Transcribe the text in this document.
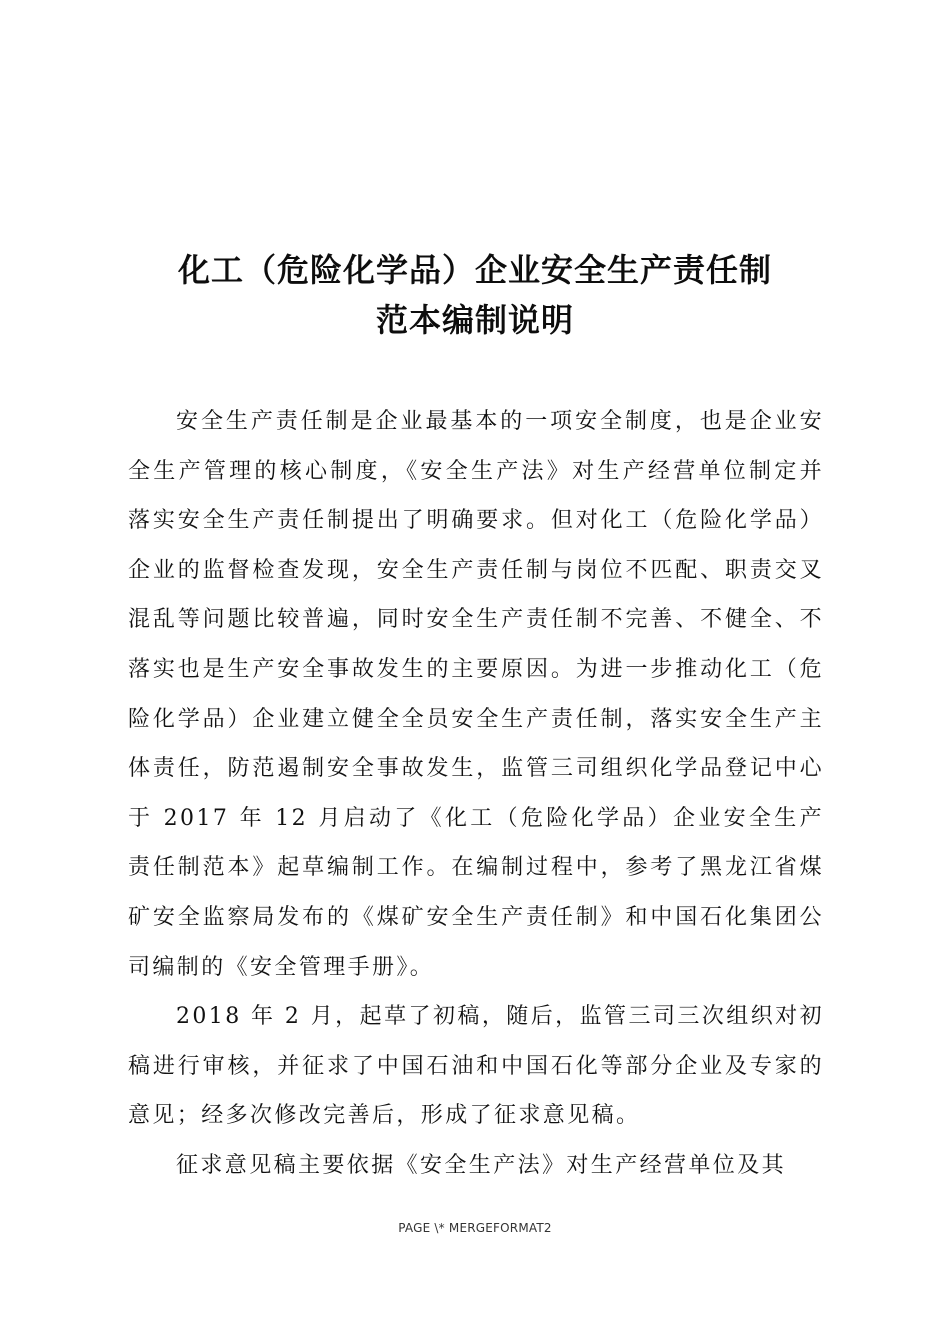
化工（危险化学品）企业安全生产责任制
范本编制说明

安全生产责任制是企业最基本的一项安全制度，也是企业安全生产管理的核心制度，《安全生产法》对生产经营单位制定并落实安全生产责任制提出了明确要求。但对化工（危险化学品）企业的监督检查发现，安全生产责任制与岗位不匹配、职责交叉混乱等问题比较普遍，同时安全生产责任制不完善、不健全、不落实也是生产安全事故发生的主要原因。为进一步推动化工（危险化学品）企业建立健全全员安全生产责任制，落实安全生产主体责任，防范遏制安全事故发生，监管三司组织化学品登记中心于 2017 年 12 月启动了《化工（危险化学品）企业安全生产责任制范本》起草编制工作。在编制过程中，参考了黑龙江省煤矿安全监察局发布的《煤矿安全生产责任制》和中国石化集团公司编制的《安全管理手册》。

2018 年 2 月，起草了初稿，随后，监管三司三次组织对初稿进行审核，并征求了中国石油和中国石化等部分企业及专家的意见；经多次修改完善后，形成了征求意见稿。

征求意见稿主要依据《安全生产法》对生产经营单位及其

PAGE \* MERGEFORMAT2
